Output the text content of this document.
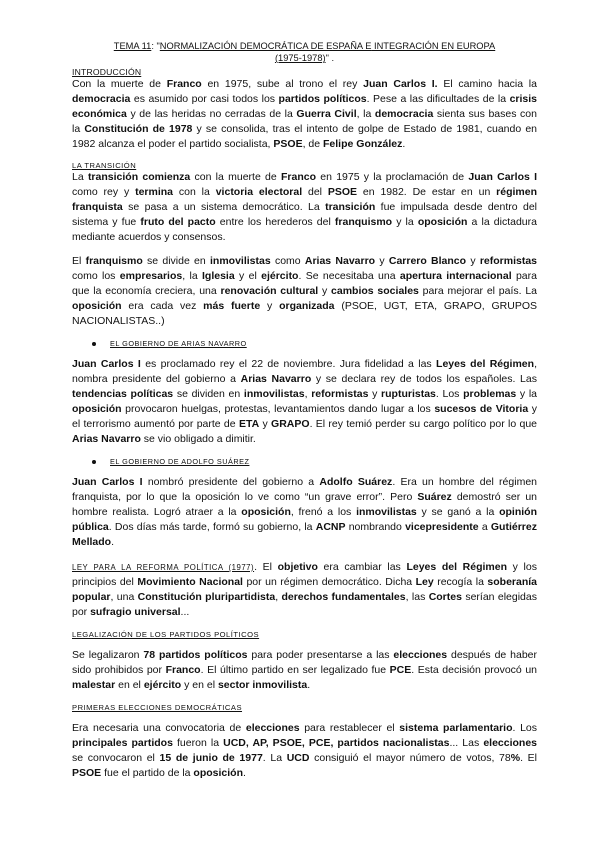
TEMA 11: "NORMALIZACIÓN DEMOCRÁTICA DE ESPAÑA E INTEGRACIÓN EN EUROPA
(1975-1978)" .
INTRODUCCIÓN

Con la muerte de Franco en 1975, sube al trono el rey Juan Carlos I. El camino hacia la democracia es asumido por casi todos los partidos políticos. Pese a las dificultades de la crisis económica y de las heridas no cerradas de la Guerra Civil, la democracia sienta sus bases con la Constitución de 1978 y se consolida, tras el intento de golpe de Estado de 1981, cuando en 1982 alcanza el poder el partido socialista, PSOE, de Felipe González.

LA TRANSICIÓN

La transición comienza con la muerte de Franco en 1975 y la proclamación de Juan Carlos I como rey y termina con la victoria electoral del PSOE en 1982. De estar en un régimen franquista se pasa a un sistema democrático. La transición fue impulsada desde dentro del sistema y fue fruto del pacto entre los herederos del franquismo y la oposición a la dictadura mediante acuerdos y consensos.

El franquismo se divide en inmovilistas como Arias Navarro y Carrero Blanco y reformistas como los empresarios, la Iglesia y el ejército. Se necesitaba una apertura internacional para que la economía creciera, una renovación cultural y cambios sociales para mejorar el país. La oposición era cada vez más fuerte y organizada (PSOE, UGT, ETA, GRAPO, GRUPOS NACIONALISTAS..)

EL GOBIERNO DE ARIAS NAVARRO

Juan Carlos I es proclamado rey el 22 de noviembre. Jura fidelidad a las Leyes del Régimen, nombra presidente del gobierno a Arias Navarro y se declara rey de todos los españoles. Las tendencias políticas se dividen en inmovilistas, reformistas y rupturistas. Los problemas y la oposición provocaron huelgas, protestas, levantamientos dando lugar a los sucesos de Vitoria y el terrorismo aumentó por parte de ETA y GRAPO. El rey temió perder su cargo político por lo que Arias Navarro se vio obligado a dimitir.

EL GOBIERNO DE ADOLFO SUÁREZ

Juan Carlos I nombró presidente del gobierno a Adolfo Suárez. Era un hombre del régimen franquista, por lo que la oposición lo ve como “un grave error”. Pero Suárez demostró ser un hombre realista. Logró atraer a la oposición, frenó a los inmovilistas y se ganó a la opinión pública. Dos días más tarde, formó su gobierno, la ACNP nombrando vicepresidente a Gutiérrez Mellado.

LEY PARA LA REFORMA POLÍTICA (1977). El objetivo era cambiar las Leyes del Régimen y los principios del Movimiento Nacional por un régimen democrático. Dicha Ley recogía la soberanía popular, una Constitución pluripartidista, derechos fundamentales, las Cortes serían elegidas por sufragio universal...

LEGALIZACIÓN DE LOS PARTIDOS POLÍTICOS

Se legalizaron 78 partidos políticos para poder presentarse a las elecciones después de haber sido prohibidos por Franco. El último partido en ser legalizado fue PCE. Esta decisión provocó un malestar en el ejército y en el sector inmovilista.

PRIMERAS ELECCIONES DEMOCRÁTICAS

Era necesaria una convocatoria de elecciones para restablecer el sistema parlamentario. Los principales partidos fueron la UCD, AP, PSOE, PCE, partidos nacionalistas... Las elecciones se convocaron el 15 de junio de 1977. La UCD consiguió el mayor número de votos, 78%. El PSOE fue el partido de la oposición.
